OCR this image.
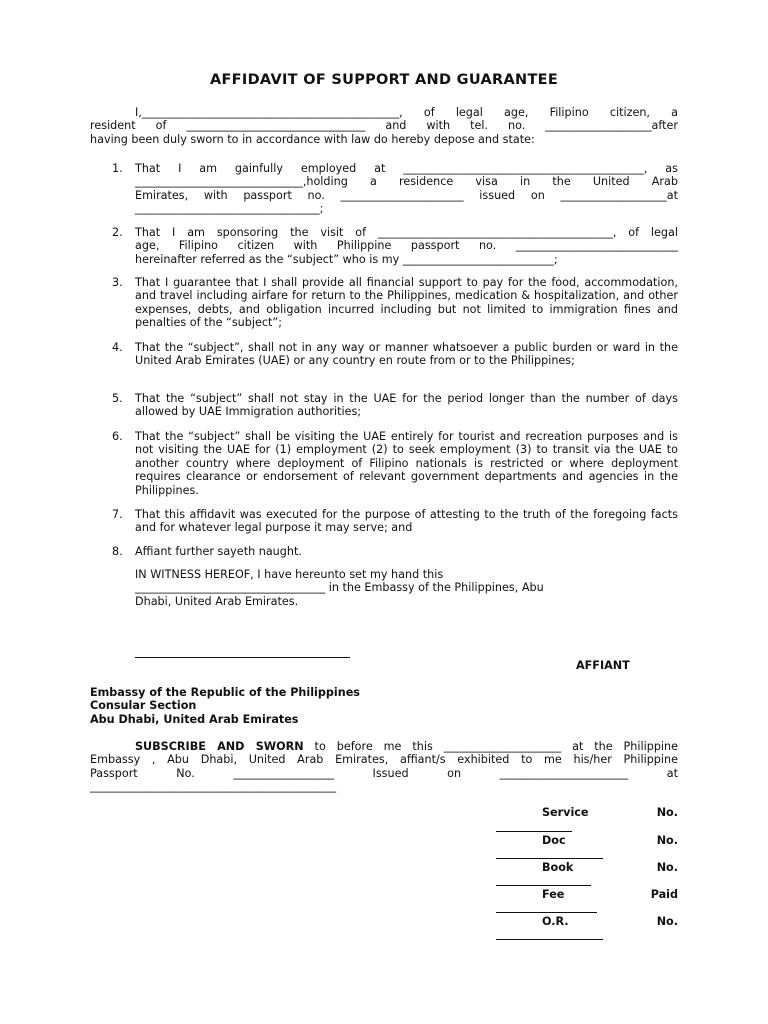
AFFIDAVIT OF SUPPORT AND GUARANTEE
I,______________________________________________, of legal age, Filipino citizen, a
resident of ________________________________ and with tel. no. ___________________after
having been duly sworn to in accordance with law do hereby depose and state:
1. That I am gainfully employed at ___________________________________________, as
______________________________,holding a residence visa in the United Arab
Emirates, with passport no. ______________________ issued on ___________________at
_________________________________;
2. That I am sponsoring the visit of __________________________________________, of legal
age, Filipino citizen with Philippine passport no. _____________________________
hereinafter referred as the “subject” who is my ___________________________;
3. That I guarantee that I shall provide all financial support to pay for the food, accommodation, and travel including airfare for return to the Philippines, medication & hospitalization, and other expenses, debts, and obligation incurred including but not limited to immigration fines and penalties of the “subject”;
4. That the “subject”, shall not in any way or manner whatsoever a public burden or ward in the United Arab Emirates (UAE) or any country en route from or to the Philippines;
5. That the “subject” shall not stay in the UAE for the period longer than the number of days allowed by UAE Immigration authorities;
6. That the “subject” shall be visiting the UAE entirely for tourist and recreation purposes and is not visiting the UAE for (1) employment (2) to seek employment (3) to transit via the UAE to another country where deployment of Filipino nationals is restricted or where deployment requires clearance or endorsement of relevant government departments and agencies in the Philippines.
7. That this affidavit was executed for the purpose of attesting to the truth of the foregoing facts and for whatever legal purpose it may serve; and
8. Affiant further sayeth naught.
IN WITNESS HEREOF, I have hereunto set my hand this
__________________________________ in the Embassy of the Philippines, Abu
Dhabi, United Arab Emirates.
AFFIANT
Embassy of the Republic of the Philippines
Consular Section
Abu Dhabi, United Arab Emirates
SUBSCRIBE AND SWORN to before me this _____________________ at the Philippine
Embassy , Abu Dhabi, United Arab Emirates, affiant/s exhibited to me his/her Philippine
Passport No. __________________ Issued on _______________________ at
____________________________________________
Service	No.
Doc	No.
Book	No.
Fee	Paid
O.R.	No.
